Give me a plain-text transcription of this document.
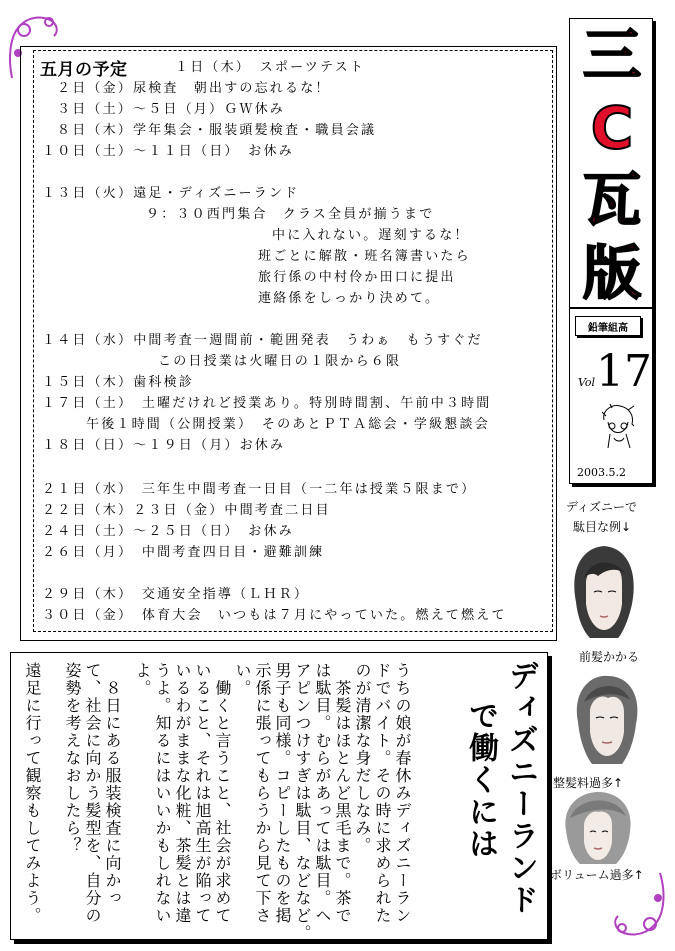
五月の予定	１日（木）　スポーツテスト
２日（金）尿検査　朝出すの忘れるな！
３日（土）～５日（月）ＧＷ休み
８日（木）学年集会・服装頭髪検査・職員会議
１０日（土）～１１日（日）　お休み
１３日（火）遠足・ディズニーランド
９：３０西門集合　クラス全員が揃うまで
中に入れない。遅刻するな！
班ごとに解散・班名簿書いたら
旅行係の中村伶か田口に提出
連絡係をしっかり決めて。
１４日（水）中間考査一週間前・範囲発表　うわぁ　もうすぐだ
この日授業は火曜日の１限から６限
１５日（木）歯科検診
１７日（土）　土曜だけれど授業あり。特別時間割、午前中３時間
午後１時間（公開授業）　そのあとＰＴＡ総会・学級懇談会
１８日（日）～１９日（月）お休み
２１日（水）　三年生中間考査一日目（一二年は授業５限まで）
２２日（木）２３日（金）中間考査二日目
２４日（土）～２５日（日）　お休み
２６日（月）　中間考査四日目・避難訓練
２９日（木）　交通安全指導（ＬＨＲ）
３０日（金）　体育大会　いつもは７月にやっていた。燃えて燃えて
三
C
瓦
版
鉛筆組高
17
Vol
2003.5.2
ディズニーで
駄目な例↓
前髪かかる
整髪料過多↑
ボリューム過多↑
ディズニーランド
で働くには
うちの娘が春休みディズニーラン
ドでバイト。その時に求められた
のが清潔な身だしなみ。
　茶髪はほとんど黒毛まで。茶で
は駄目。むらがあっては駄目。ヘ
アピンつけすぎは駄目、などなど。
男子も同様。コピーしたものを掲
示係に張ってもらうから見て下さ
い。
　働くと言うこと、社会が求めて
いること、それは旭高生が陥って
いるわがままな化粧、茶髪とは違
うよ。知るにはいいかもしれない
よ。
　８日にある服装検査に向かっ
て、社会に向かう髪型を、自分の
姿勢を考えなおしたら？
遠足に行って観察もしてみよう。
